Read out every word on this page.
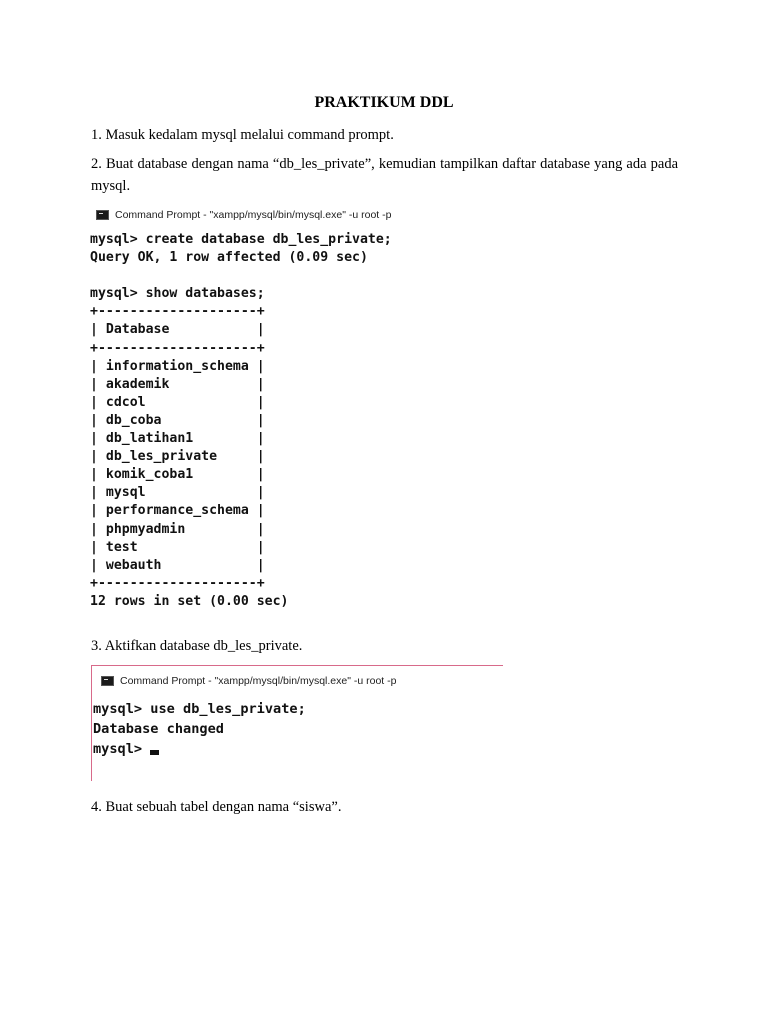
PRAKTIKUM DDL
1. Masuk kedalam mysql melalui command prompt.
2. Buat database dengan nama “db_les_private”, kemudian tampilkan daftar database yang ada pada mysql.
Command Prompt - "xampp/mysql/bin/mysql.exe" -u root -p
mysql> create database db_les_private;
Query OK, 1 row affected (0.09 sec)

mysql> show databases;
+--------------------+
| Database           |
+--------------------+
| information_schema |
| akademik           |
| cdcol              |
| db_coba            |
| db_latihan1        |
| db_les_private     |
| komik_coba1        |
| mysql              |
| performance_schema |
| phpmyadmin         |
| test               |
| webauth            |
+--------------------+
12 rows in set (0.00 sec)
3. Aktifkan database db_les_private.
Command Prompt - "xampp/mysql/bin/mysql.exe" -u root -p
mysql> use db_les_private;
Database changed
mysql>
4. Buat sebuah tabel dengan nama “siswa”.
